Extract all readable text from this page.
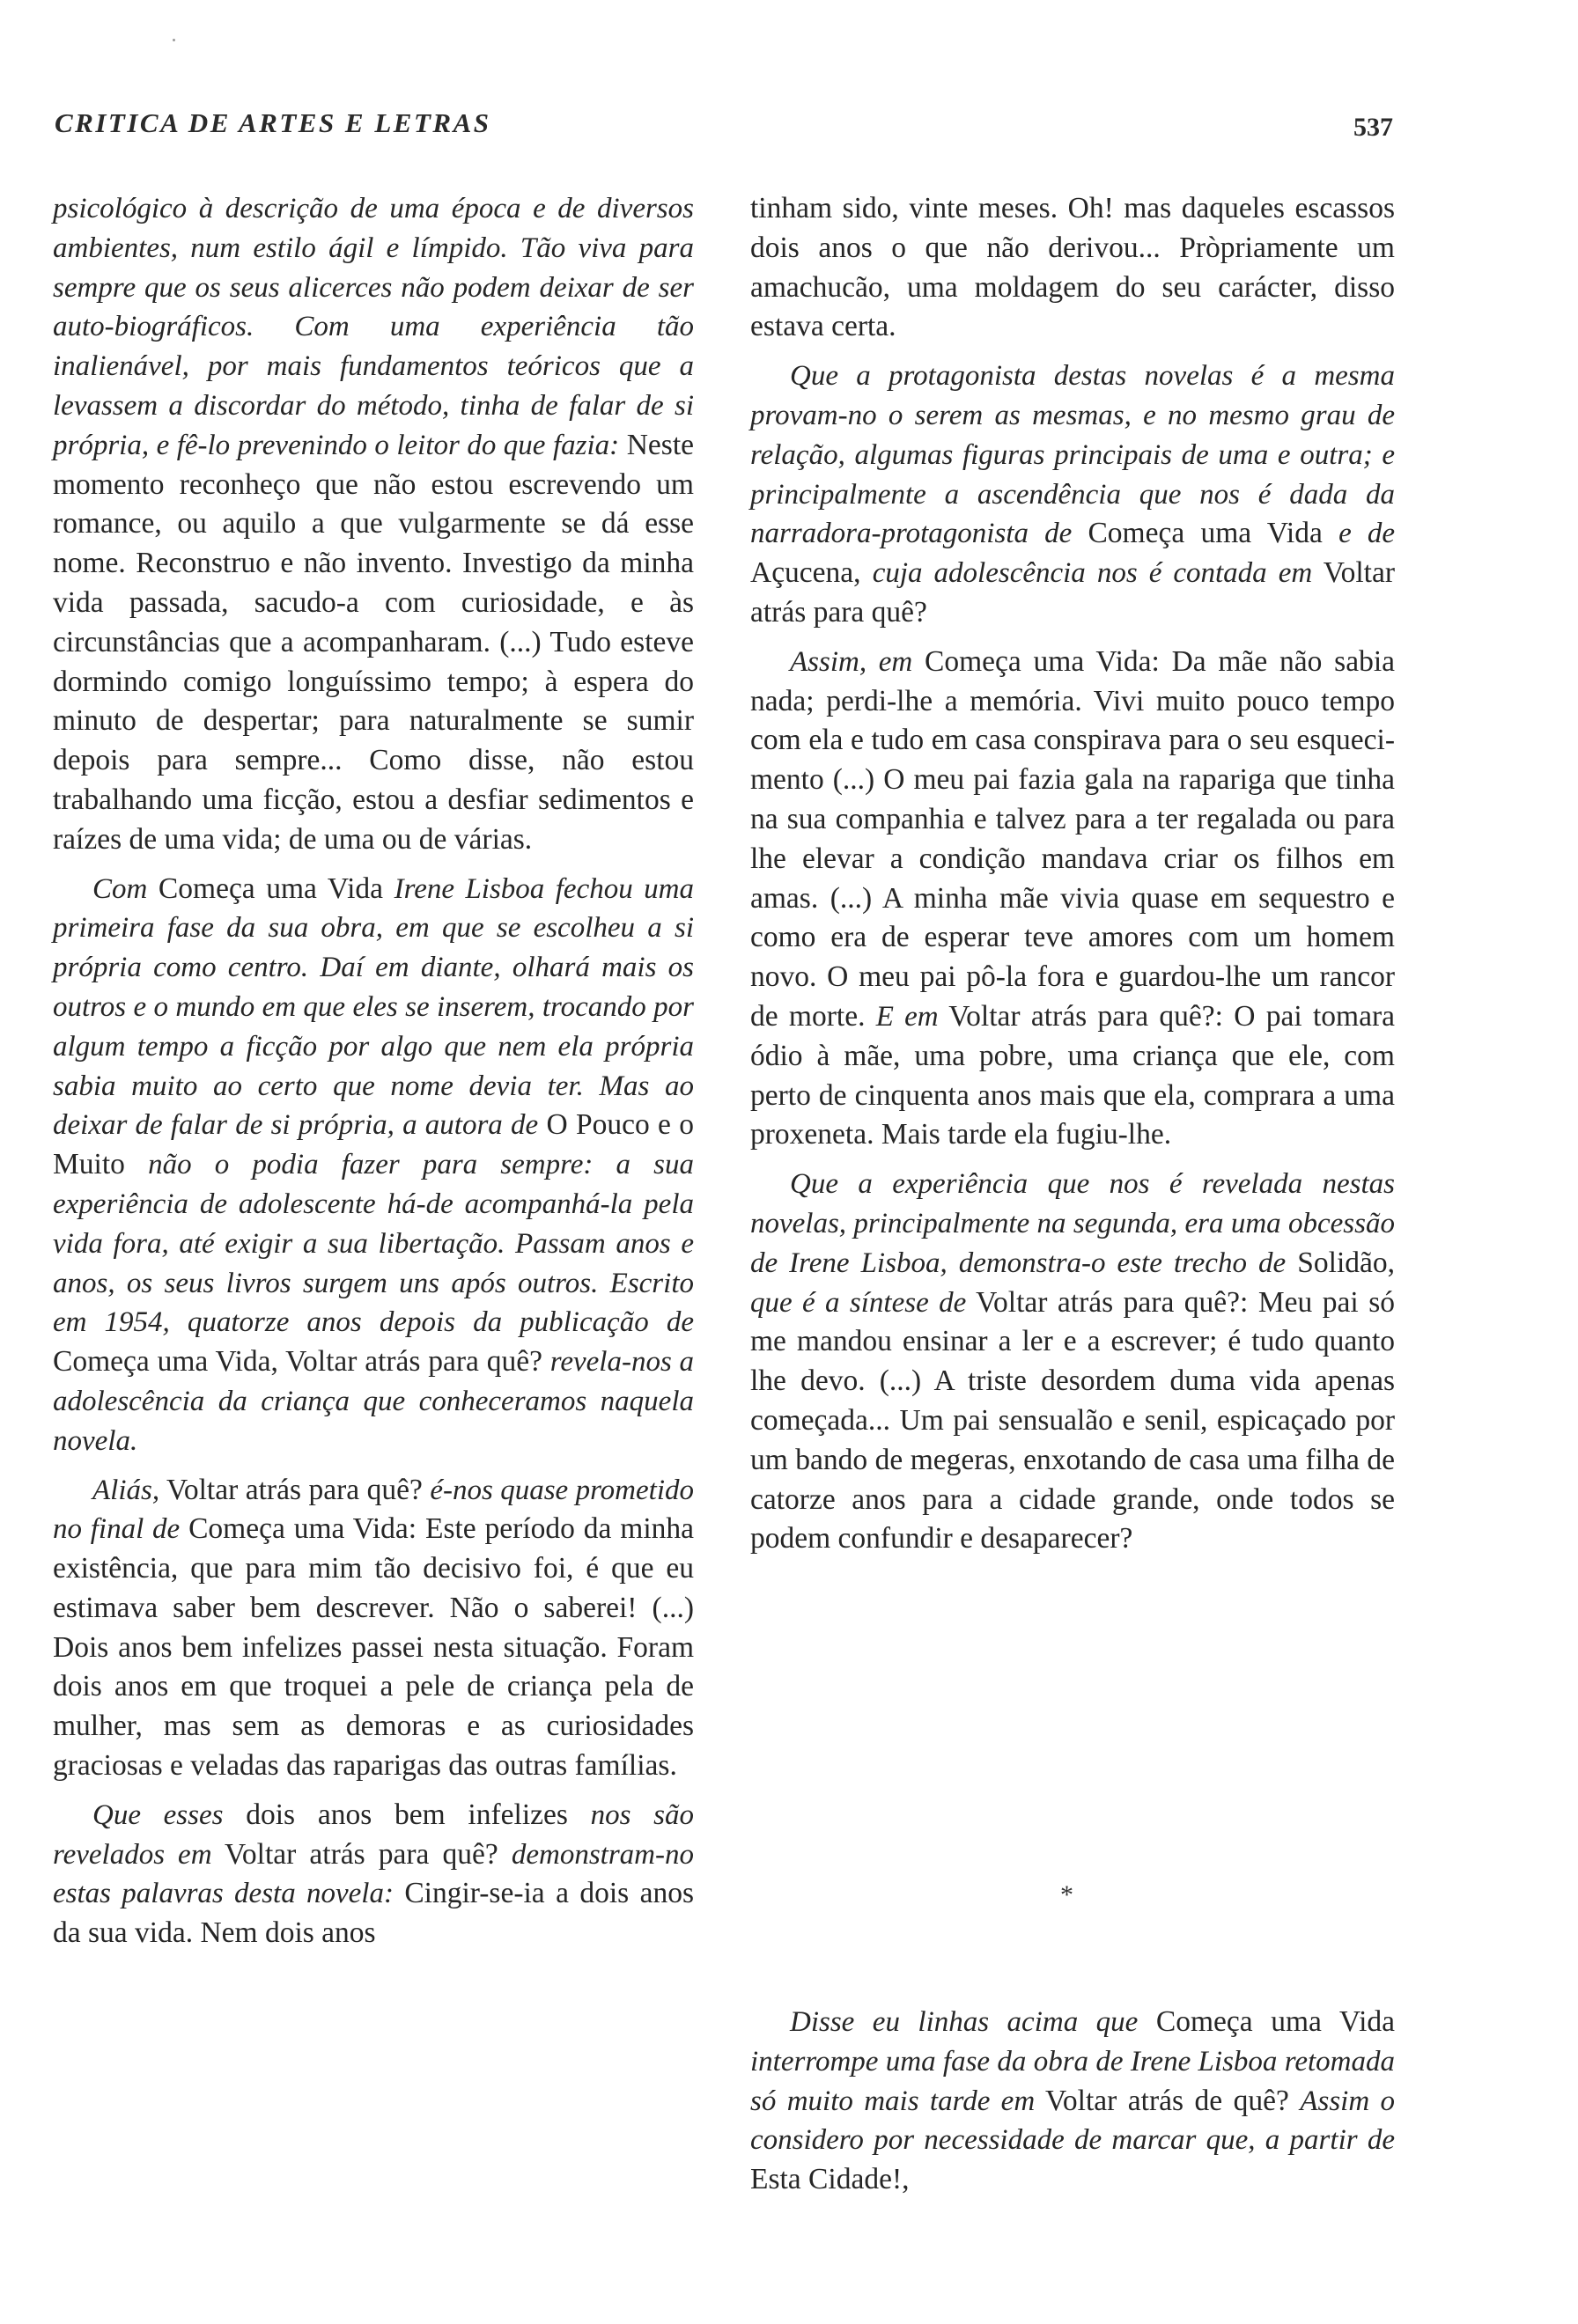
CRITICA DE ARTES E LETRAS	537

psicológico à descrição de uma época e de diversos ambientes, num estilo ágil e límpido. Tão viva para sempre que os seus alicerces não podem deixar de ser auto-biográficos. Com uma experiência tão inalienável, por mais fundamentos teóricos que a levassem a discordar do método, tinha de falar de si própria, e fê-lo prevenindo o leitor do que fazia: Neste momento reconheço que não estou escrevendo um romance, ou aquilo a que vulgarmente se dá esse nome. Reconstruo e não invento. Investigo da minha vida passada, sacudo-a com curiosidade, e às circunstâncias que a acompanharam. (...) Tudo esteve dormindo comigo longuíssimo tempo; à espera do minuto de despertar; para naturalmente se sumir depois para sempre... Como disse, não estou trabalhando uma ficção, estou a desfiar sedimentos e raízes de uma vida; de uma ou de várias.

Com Começa uma Vida Irene Lisboa fechou uma primeira fase da sua obra, em que se escolheu a si própria como centro. Daí em diante, olhará mais os outros e o mundo em que eles se inserem, trocando por algum tempo a ficção por algo que nem ela própria sabia muito ao certo que nome devia ter. Mas ao deixar de falar de si própria, a autora de O Pouco e o Muito não o podia fazer para sempre: a sua experiência de adolescente há-de acompanhá-la pela vida fora, até exigir a sua libertação. Passam anos e anos, os seus livros surgem uns após outros. Escrito em 1954, quatorze anos depois da publicação de Começa uma Vida, Voltar atrás para quê? revela-nos a adolescência da criança que conheceramos naquela novela.

Aliás, Voltar atrás para quê? é-nos quase prometido no final de Começa uma Vida: Este período da minha existência, que para mim tão decisivo foi, é que eu estimava saber bem descrever. Não o saberei! (...) Dois anos bem infelizes passei nesta situação. Foram dois anos em que troquei a pele de criança pela de mulher, mas sem as demoras e as curiosidades graciosas e veladas das raparigas das outras famílias.

Que esses dois anos bem infelizes nos são revelados em Voltar atrás para quê? demonstram-no estas palavras desta novela: Cingir-se-ia a dois anos da sua vida. Nem dois anos

tinham sido, vinte meses. Oh! mas daqueles escassos dois anos o que não derivou... Pròpriamente um amachucão, uma moldagem do seu carácter, disso estava certa.

Que a protagonista destas novelas é a mesma provam-no o serem as mesmas, e no mesmo grau de relação, algumas figuras principais de uma e outra; e principalmente a ascendência que nos é dada da narradora-protagonista de Começa uma Vida e de Açucena, cuja adolescência nos é contada em Voltar atrás para quê?

Assim, em Começa uma Vida: Da mãe não sabia nada; perdi-lhe a memória. Vivi muito pouco tempo com ela e tudo em casa conspirava para o seu esquecimento (...) O meu pai fazia gala na rapariga que tinha na sua companhia e talvez para a ter regalada ou para lhe elevar a condição mandava criar os filhos em amas. (...) A minha mãe vivia quase em sequestro e como era de esperar teve amores com um homem novo. O meu pai pô-la fora e guardou-lhe um rancor de morte. E em Voltar atrás para quê?: O pai tomara ódio à mãe, uma pobre, uma criança que ele, com perto de cinquenta anos mais que ela, comprara a uma proxeneta. Mais tarde ela fugiu-lhe.

Que a experiência que nos é revelada nestas novelas, principalmente na segunda, era uma obcessão de Irene Lisboa, demonstra-o este trecho de Solidão, que é a síntese de Voltar atrás para quê?: Meu pai só me mandou ensinar a ler e a escrever; é tudo quanto lhe devo. (...) A triste desordem duma vida apenas começada... Um pai sensualão e senil, espicaçado por um bando de megeras, enxotando de casa uma filha de catorze anos para a cidade grande, onde todos se podem confundir e desaparecer?

*

Disse eu linhas acima que Começa uma Vida interrompe uma fase da obra de Irene Lisboa retomada só muito mais tarde em Voltar atrás de quê? Assim o considero por necessidade de marcar que, a partir de Esta Cidade!,
